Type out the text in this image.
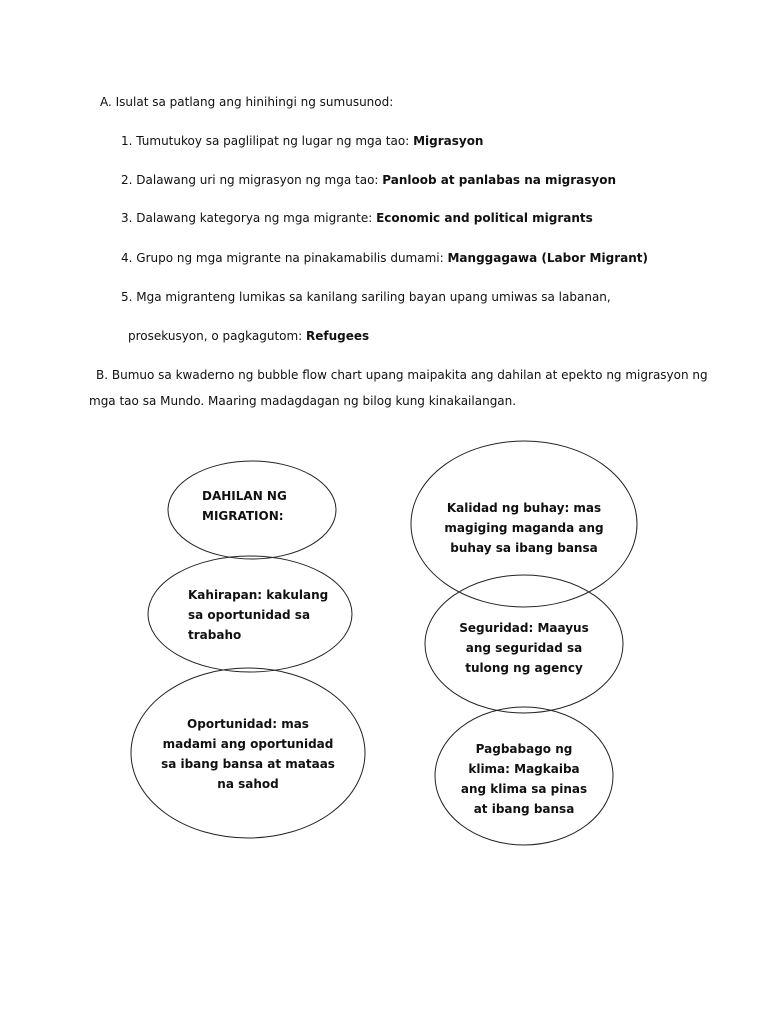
A. Isulat sa patlang ang hinihingi ng sumusunod:
1. Tumutukoy sa paglilipat ng lugar ng mga tao: Migrasyon
2. Dalawang uri ng migrasyon ng mga tao: Panloob at panlabas na migrasyon
3. Dalawang kategorya ng mga migrante: Economic and political migrants
4. Grupo ng mga migrante na pinakamabilis dumami: Manggagawa (Labor Migrant)
5. Mga migranteng lumikas sa kanilang sariling bayan upang umiwas sa labanan,
prosekusyon, o pagkagutom: Refugees
B. Bumuo sa kwaderno ng bubble flow chart upang maipakita ang dahilan at epekto ng migrasyon ng
mga tao sa Mundo. Maaring madagdagan ng bilog kung kinakailangan.
DAHILAN NG
MIGRATION:
Kahirapan: kakulang
sa oportunidad sa
trabaho
Oportunidad: mas
madami ang oportunidad
sa ibang bansa at mataas
na sahod
Kalidad ng buhay: mas
magiging maganda ang
buhay sa ibang bansa
Seguridad: Maayus
ang seguridad sa
tulong ng agency
Pagbabago ng
klima: Magkaiba
ang klima sa pinas
at ibang bansa
